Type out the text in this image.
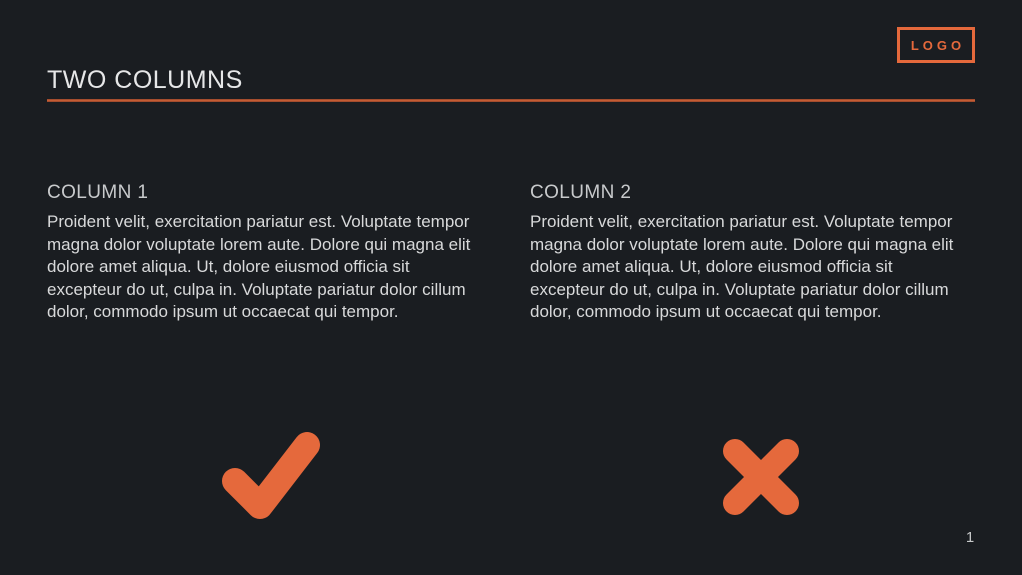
LOGO
TWO COLUMNS
COLUMN 1
Proident velit, exercitation pariatur est. Voluptate tempor magna dolor voluptate lorem aute. Dolore qui magna elit dolore amet aliqua. Ut, dolore eiusmod officia sit excepteur do ut, culpa in. Voluptate pariatur dolor cillum dolor, commodo ipsum ut occaecat qui tempor.
COLUMN 2
Proident velit, exercitation pariatur est. Voluptate tempor magna dolor voluptate lorem aute. Dolore qui magna elit dolore amet aliqua. Ut, dolore eiusmod officia sit excepteur do ut, culpa in. Voluptate pariatur dolor cillum dolor, commodo ipsum ut occaecat qui tempor.
1
